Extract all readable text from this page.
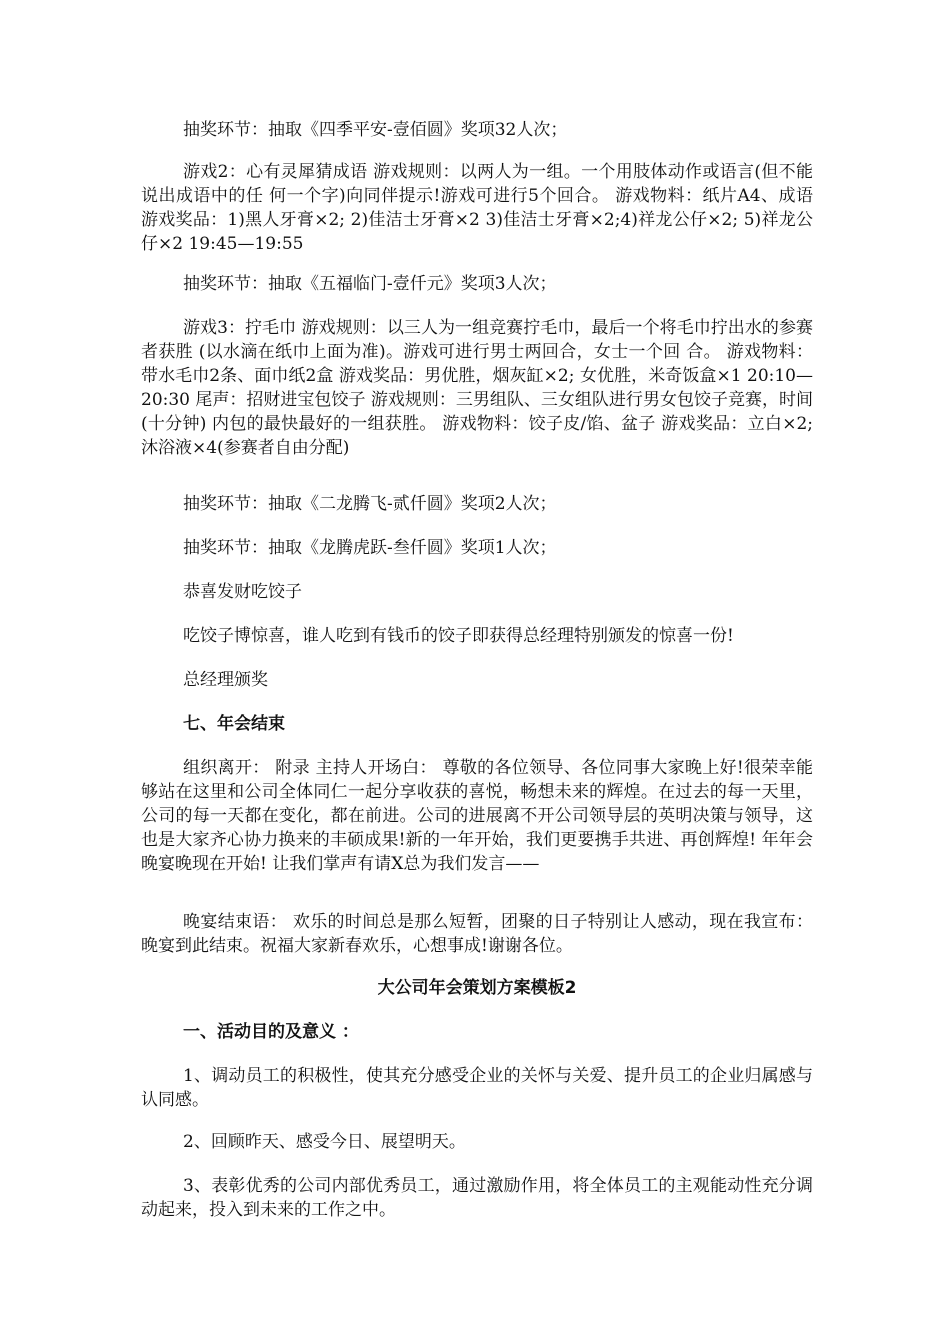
抽奖环节：抽取《四季平安-壹佰圆》奖项32人次；

游戏2：心有灵犀猜成语 游戏规则：以两人为一组。一个用肢体动作或语言(但不能说出成语中的任 何一个字)向同伴提示!游戏可进行5个回合。 游戏物料：纸片A4、成语 游戏奖品：1)黑人牙膏×2; 2)佳洁士牙膏×2 3)佳洁士牙膏×2;4)祥龙公仔×2; 5)祥龙公仔×2 19:45—19:55

抽奖环节：抽取《五福临门-壹仟元》奖项3人次；

游戏3：拧毛巾 游戏规则：以三人为一组竞赛拧毛巾，最后一个将毛巾拧出水的参赛者获胜 (以水滴在纸巾上面为准)。游戏可进行男士两回合，女士一个回 合。 游戏物料：带水毛巾2条、面巾纸2盒 游戏奖品：男优胜，烟灰缸×2; 女优胜，米奇饭盒×1 20:10—20:30 尾声：招财进宝包饺子 游戏规则：三男组队、三女组队进行男女包饺子竞赛，时间(十分钟) 内包的最快最好的一组获胜。 游戏物料：饺子皮/馅、盆子 游戏奖品：立白×2;沐浴液×4(参赛者自由分配)

抽奖环节：抽取《二龙腾飞-贰仟圆》奖项2人次；

抽奖环节：抽取《龙腾虎跃-叁仟圆》奖项1人次；

恭喜发财吃饺子

吃饺子博惊喜，谁人吃到有钱币的饺子即获得总经理特别颁发的惊喜一份!

总经理颁奖

七、年会结束

组织离开： 附录 主持人开场白： 尊敬的各位领导、各位同事大家晚上好!很荣幸能够站在这里和公司全体同仁一起分享收获的喜悦，畅想未来的辉煌。在过去的每一天里，公司的每一天都在变化，都在前进。公司的进展离不开公司领导层的英明决策与领导，这也是大家齐心协力换来的丰硕成果!新的一年开始，我们更要携手共进、再创辉煌! 年年会晚宴晚现在开始! 让我们掌声有请X总为我们发言——

晚宴结束语： 欢乐的时间总是那么短暂，团聚的日子特别让人感动，现在我宣布：晚宴到此结束。祝福大家新春欢乐，心想事成!谢谢各位。

大公司年会策划方案模板2

一、活动目的及意义 ：

1、调动员工的积极性，使其充分感受企业的关怀与关爱、提升员工的企业归属感与认同感。

2、回顾昨天、感受今日、展望明天。

3、表彰优秀的公司内部优秀员工，通过激励作用，将全体员工的主观能动性充分调动起来，投入到未来的工作之中。
